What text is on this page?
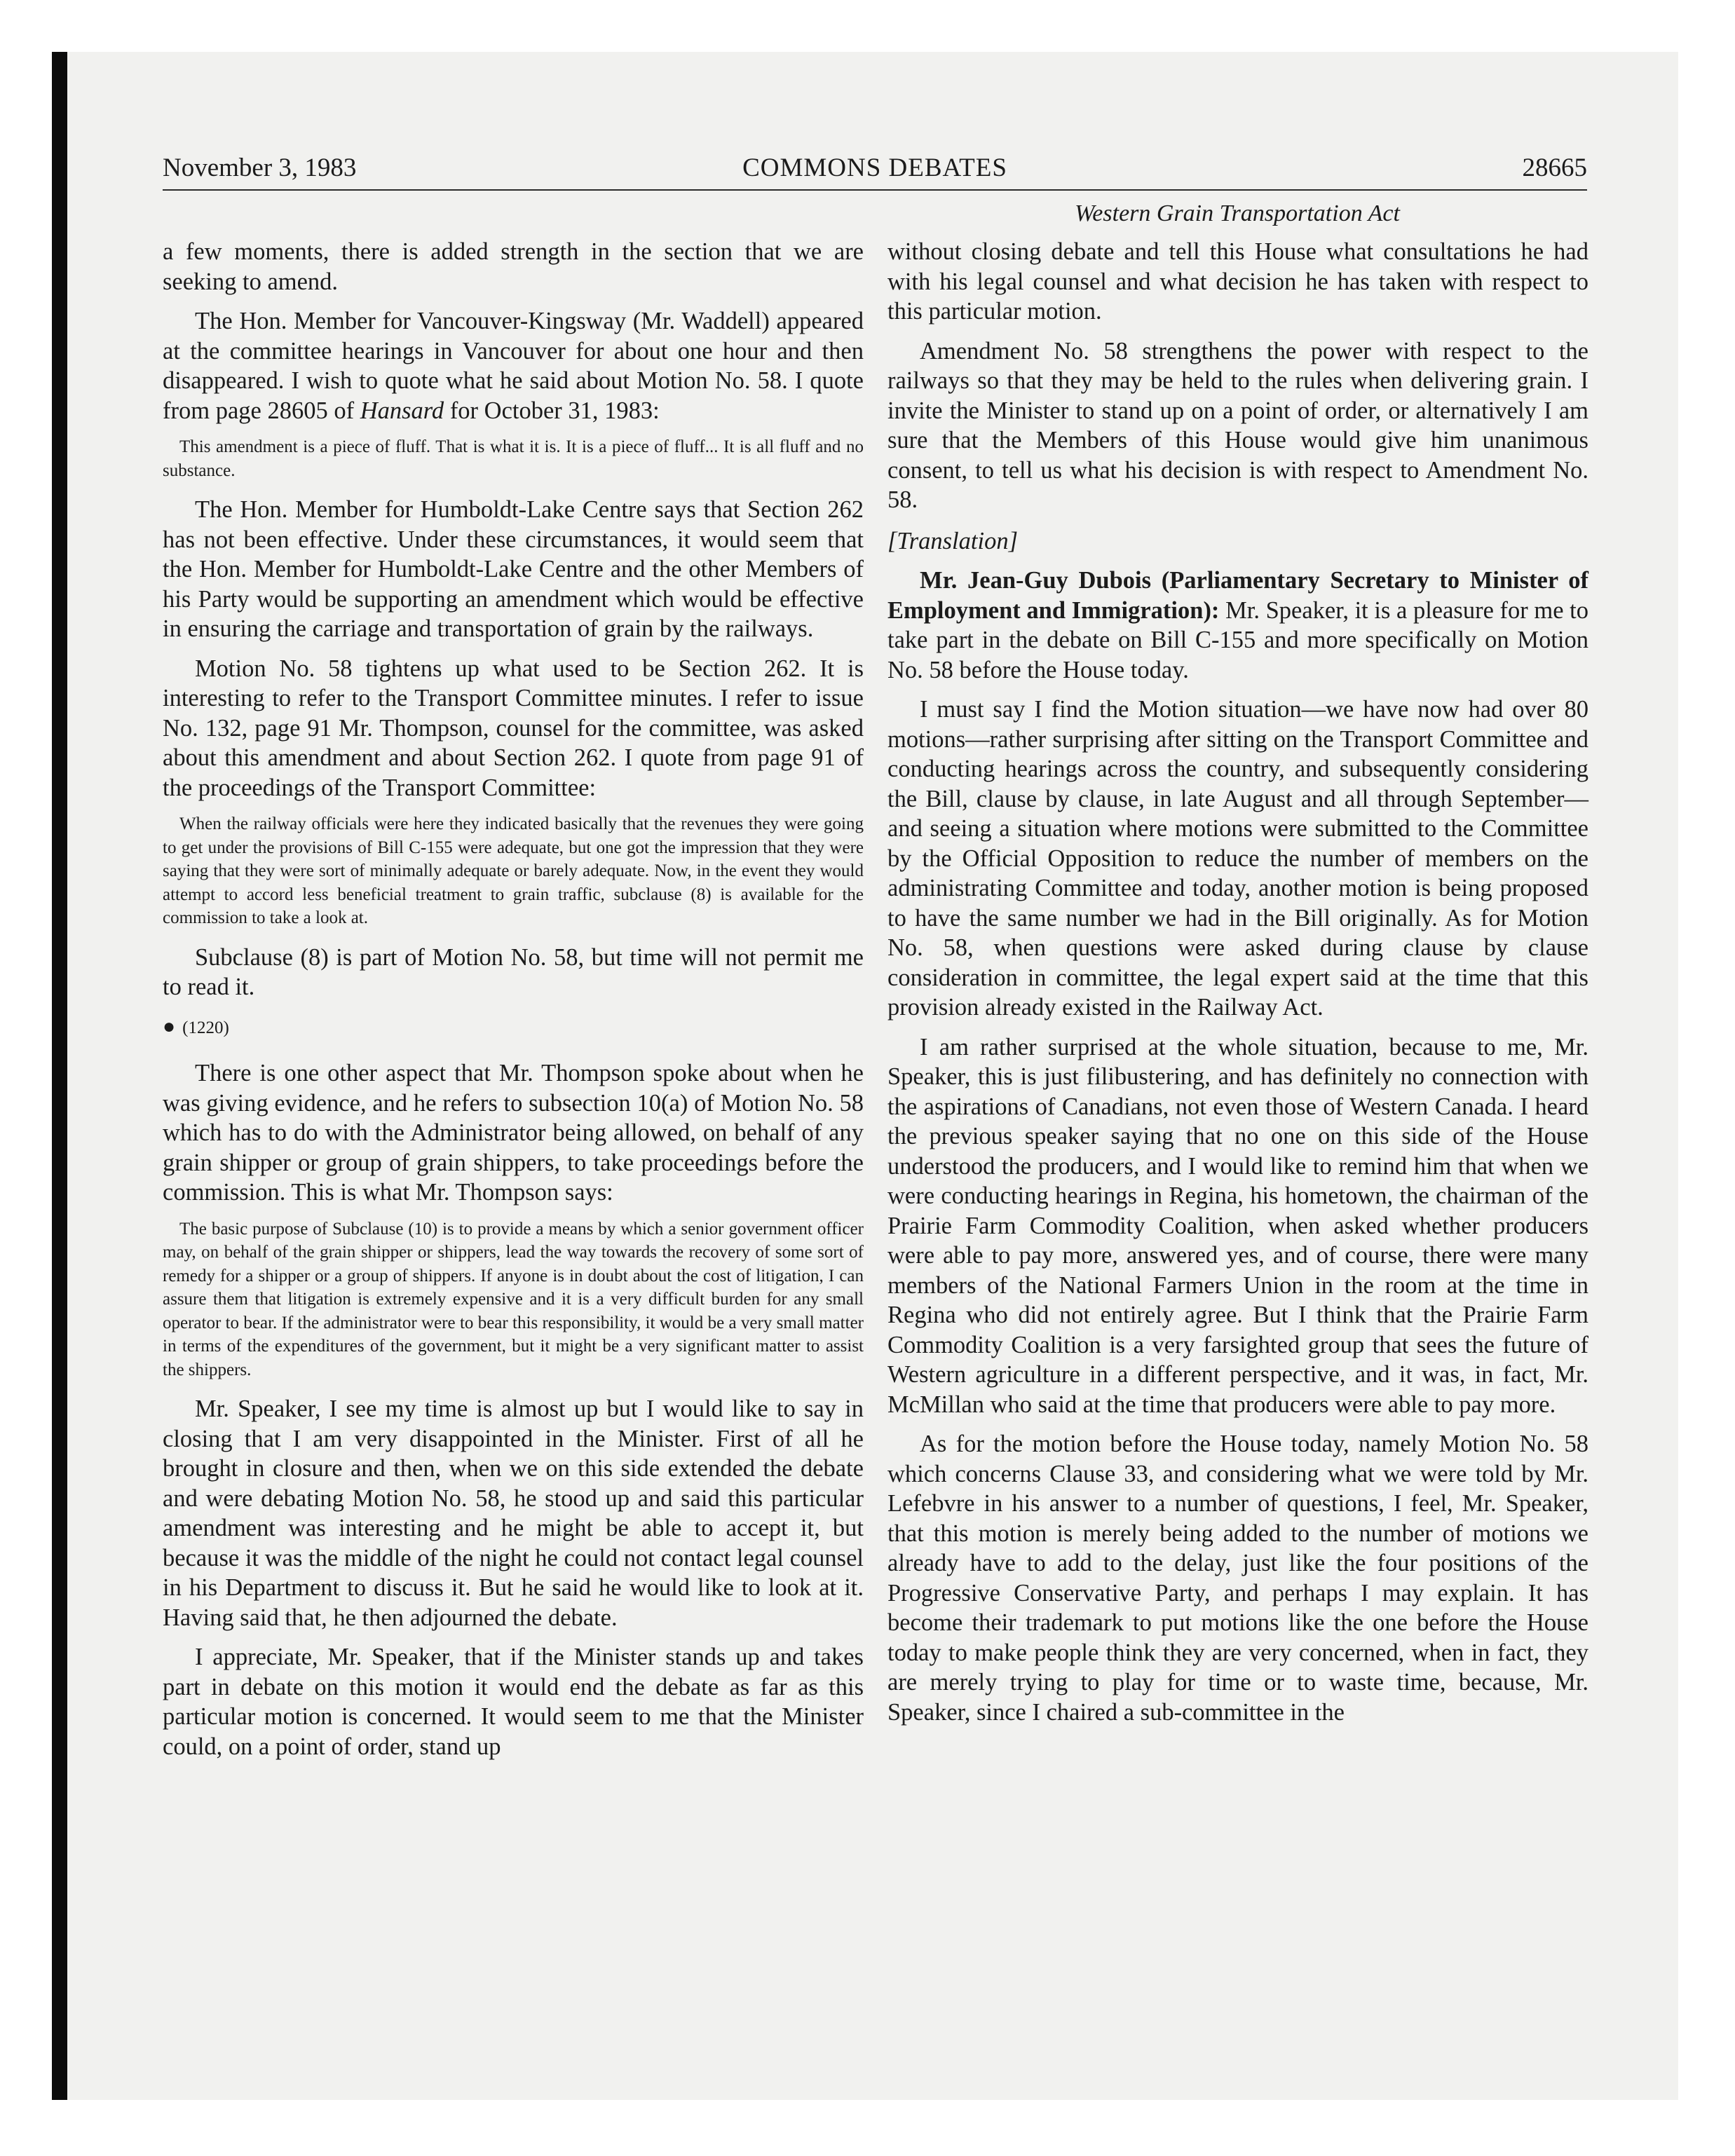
November 3, 1983	COMMONS DEBATES	28665
Western Grain Transportation Act

a few moments, there is added strength in the section that we are seeking to amend.

The Hon. Member for Vancouver-Kingsway (Mr. Waddell) appeared at the committee hearings in Vancouver for about one hour and then disappeared. I wish to quote what he said about Motion No. 58. I quote from page 28605 of Hansard for October 31, 1983:

This amendment is a piece of fluff. That is what it is. It is a piece of fluff... It is all fluff and no substance.

The Hon. Member for Humboldt-Lake Centre says that Section 262 has not been effective. Under these circumstances, it would seem that the Hon. Member for Humboldt-Lake Centre and the other Members of his Party would be supporting an amendment which would be effective in ensuring the carriage and transportation of grain by the railways.

Motion No. 58 tightens up what used to be Section 262. It is interesting to refer to the Transport Committee minutes. I refer to issue No. 132, page 91 Mr. Thompson, counsel for the committee, was asked about this amendment and about Section 262. I quote from page 91 of the proceedings of the Transport Committee:

When the railway officials were here they indicated basically that the revenues they were going to get under the provisions of Bill C-155 were adequate, but one got the impression that they were saying that they were sort of minimally adequate or barely adequate. Now, in the event they would attempt to accord less beneficial treatment to grain traffic, subclause (8) is available for the commission to take a look at.

Subclause (8) is part of Motion No. 58, but time will not permit me to read it.

● (1220)

There is one other aspect that Mr. Thompson spoke about when he was giving evidence, and he refers to subsection 10(a) of Motion No. 58 which has to do with the Administrator being allowed, on behalf of any grain shipper or group of grain shippers, to take proceedings before the commission. This is what Mr. Thompson says:

The basic purpose of Subclause (10) is to provide a means by which a senior government officer may, on behalf of the grain shipper or shippers, lead the way towards the recovery of some sort of remedy for a shipper or a group of shippers. If anyone is in doubt about the cost of litigation, I can assure them that litigation is extremely expensive and it is a very difficult burden for any small operator to bear. If the administrator were to bear this responsibility, it would be a very small matter in terms of the expenditures of the government, but it might be a very significant matter to assist the shippers.

Mr. Speaker, I see my time is almost up but I would like to say in closing that I am very disappointed in the Minister. First of all he brought in closure and then, when we on this side extended the debate and were debating Motion No. 58, he stood up and said this particular amendment was interesting and he might be able to accept it, but because it was the middle of the night he could not contact legal counsel in his Department to discuss it. But he said he would like to look at it. Having said that, he then adjourned the debate.

I appreciate, Mr. Speaker, that if the Minister stands up and takes part in debate on this motion it would end the debate as far as this particular motion is concerned. It would seem to me that the Minister could, on a point of order, stand up

without closing debate and tell this House what consultations he had with his legal counsel and what decision he has taken with respect to this particular motion.

Amendment No. 58 strengthens the power with respect to the railways so that they may be held to the rules when delivering grain. I invite the Minister to stand up on a point of order, or alternatively I am sure that the Members of this House would give him unanimous consent, to tell us what his decision is with respect to Amendment No. 58.

[Translation]

Mr. Jean-Guy Dubois (Parliamentary Secretary to Minister of Employment and Immigration): Mr. Speaker, it is a pleasure for me to take part in the debate on Bill C-155 and more specifically on Motion No. 58 before the House today.

I must say I find the Motion situation—we have now had over 80 motions—rather surprising after sitting on the Transport Committee and conducting hearings across the country, and subsequently considering the Bill, clause by clause, in late August and all through September—and seeing a situation where motions were submitted to the Committee by the Official Opposition to reduce the number of members on the administrating Committee and today, another motion is being proposed to have the same number we had in the Bill originally. As for Motion No. 58, when questions were asked during clause by clause consideration in committee, the legal expert said at the time that this provision already existed in the Railway Act.

I am rather surprised at the whole situation, because to me, Mr. Speaker, this is just filibustering, and has definitely no connection with the aspirations of Canadians, not even those of Western Canada. I heard the previous speaker saying that no one on this side of the House understood the producers, and I would like to remind him that when we were conducting hearings in Regina, his hometown, the chairman of the Prairie Farm Commodity Coalition, when asked whether producers were able to pay more, answered yes, and of course, there were many members of the National Farmers Union in the room at the time in Regina who did not entirely agree. But I think that the Prairie Farm Commodity Coalition is a very farsighted group that sees the future of Western agriculture in a different perspective, and it was, in fact, Mr. McMillan who said at the time that producers were able to pay more.

As for the motion before the House today, namely Motion No. 58 which concerns Clause 33, and considering what we were told by Mr. Lefebvre in his answer to a number of questions, I feel, Mr. Speaker, that this motion is merely being added to the number of motions we already have to add to the delay, just like the four positions of the Progressive Conservative Party, and perhaps I may explain. It has become their trademark to put motions like the one before the House today to make people think they are very concerned, when in fact, they are merely trying to play for time or to waste time, because, Mr. Speaker, since I chaired a sub-committee in the
